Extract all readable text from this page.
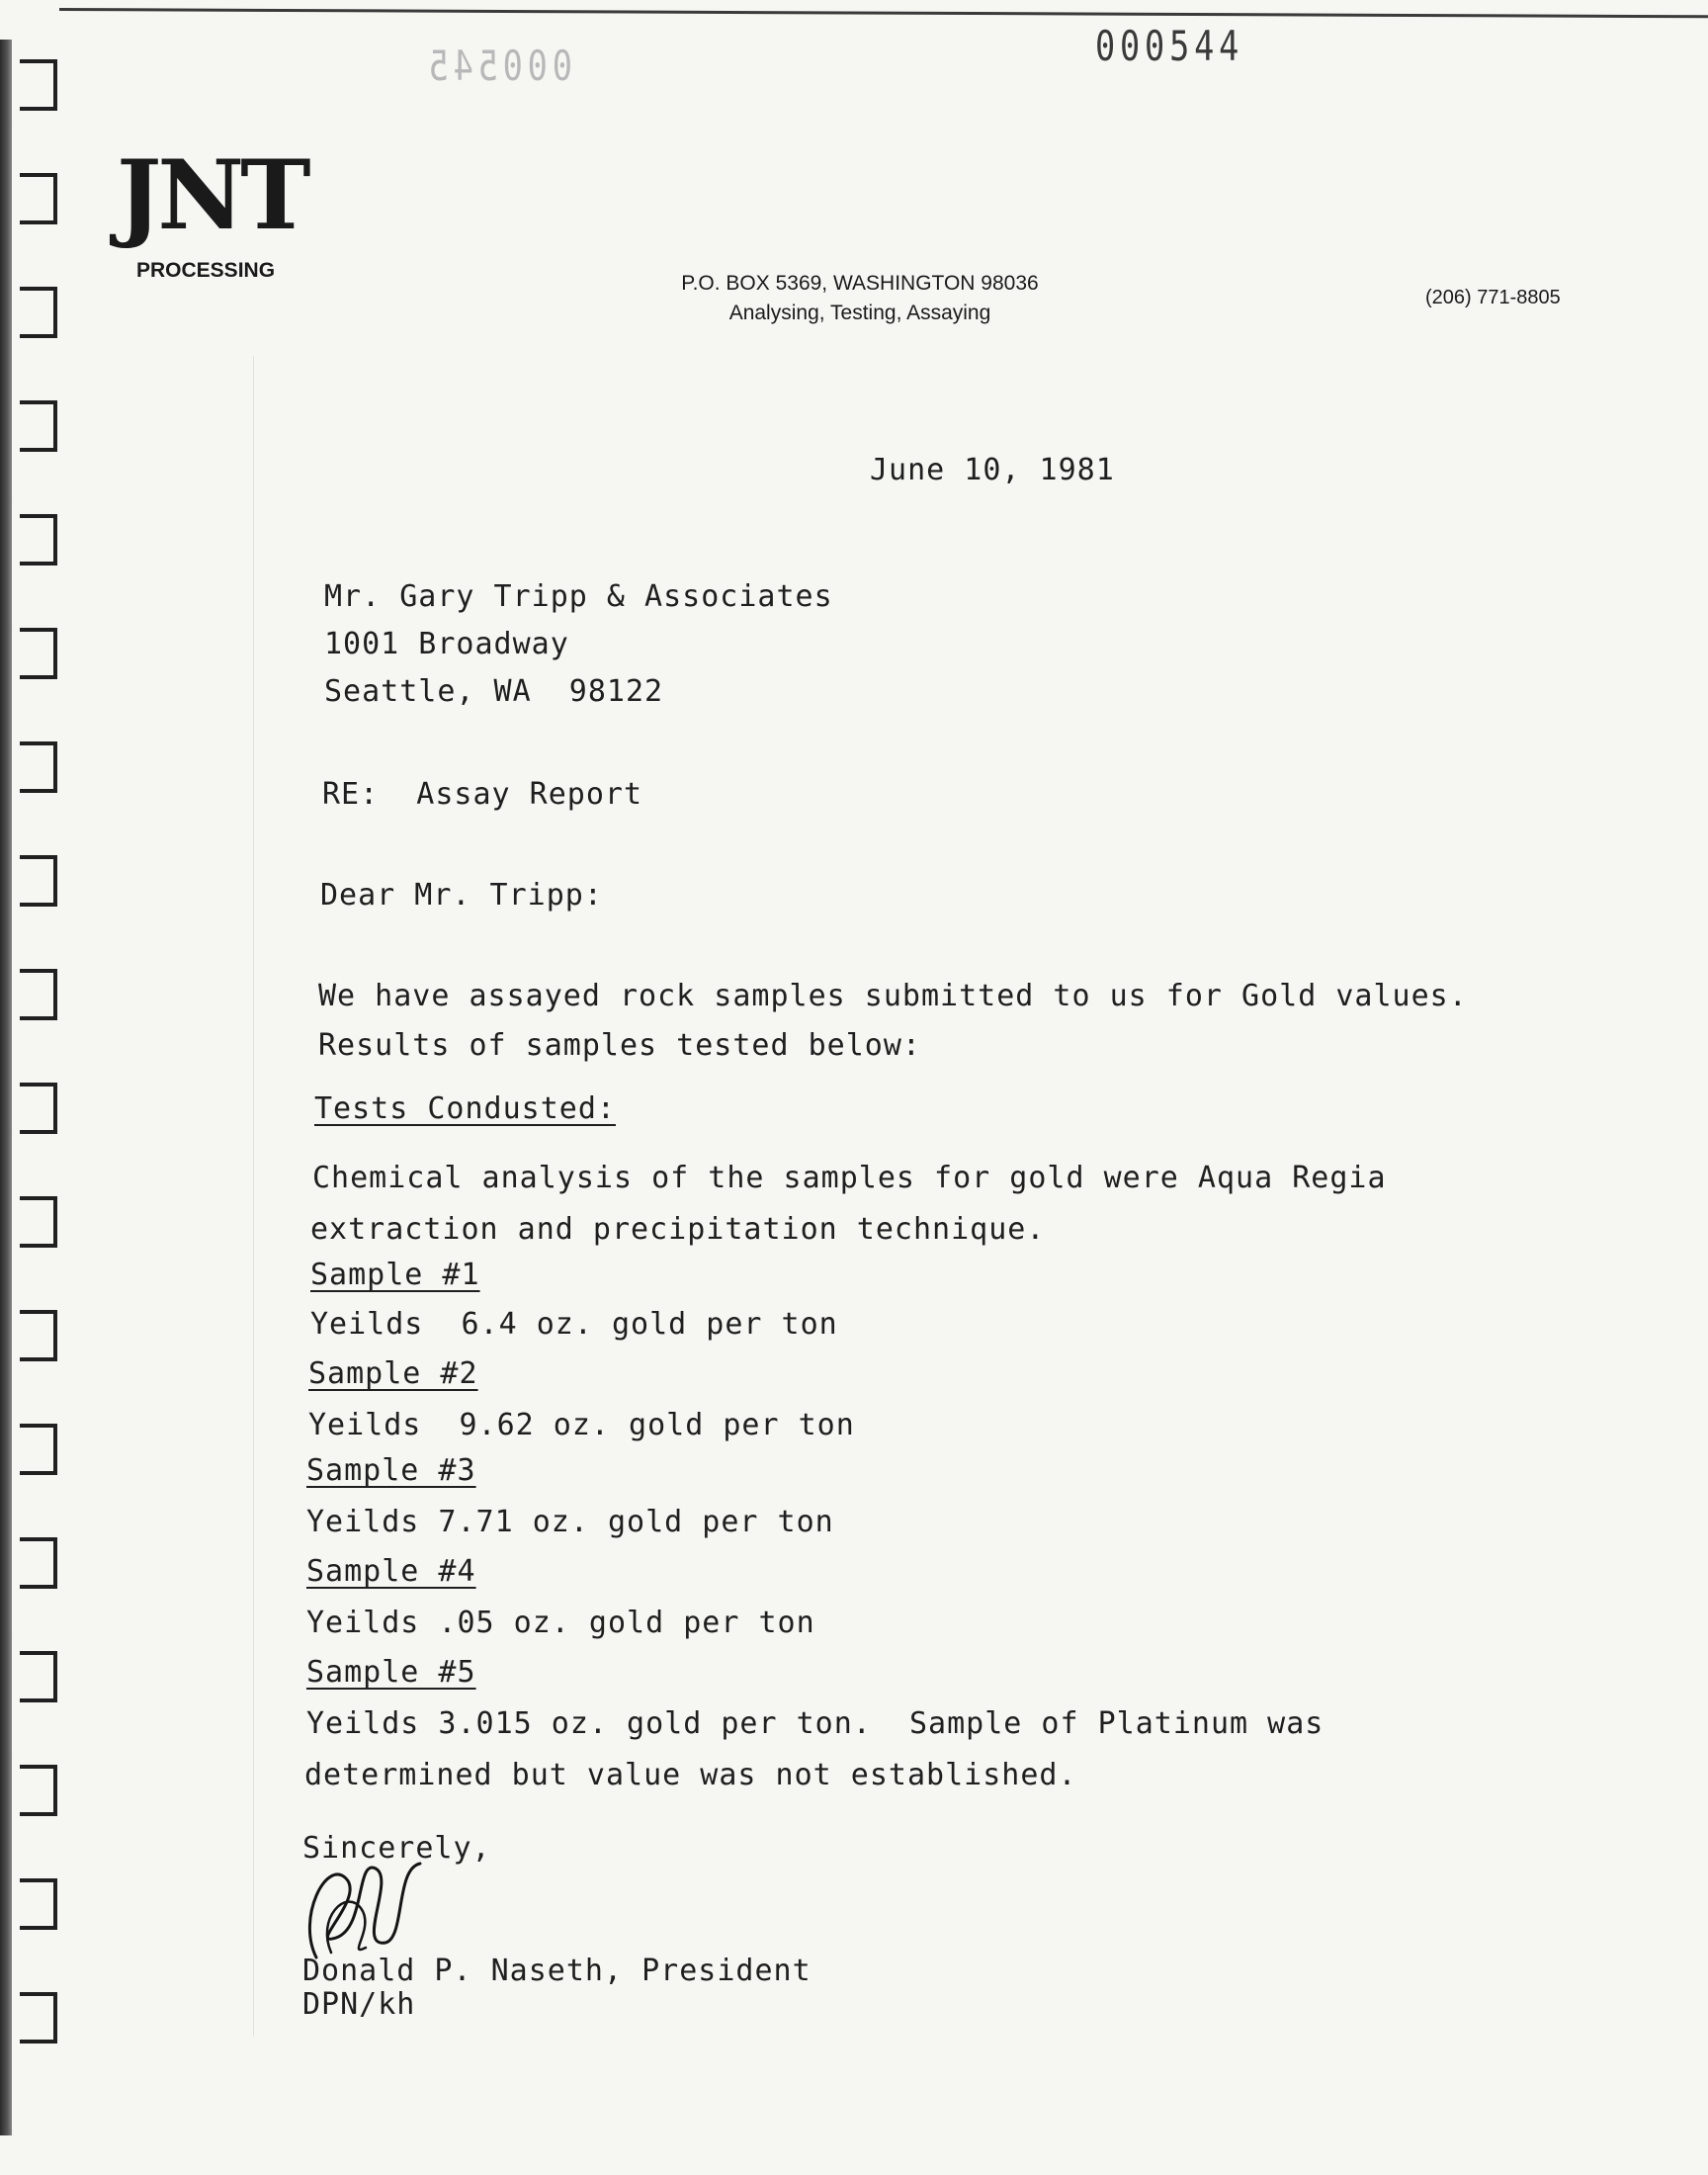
000545	000544
JNT
PROCESSING
P.O. BOX 5369, WASHINGTON 98036
Analysing, Testing, Assaying
(206) 771-8805
June 10, 1981
Mr. Gary Tripp & Associates
1001 Broadway
Seattle, WA  98122
RE:  Assay Report
Dear Mr. Tripp:
We have assayed rock samples submitted to us for Gold values.
Results of samples tested below:
Tests Condusted:
Chemical analysis of the samples for gold were Aqua Regia
extraction and precipitation technique.
Sample #1
Yeilds  6.4 oz. gold per ton
Sample #2
Yeilds  9.62 oz. gold per ton
Sample #3
Yeilds 7.71 oz. gold per ton
Sample #4
Yeilds .05 oz. gold per ton
Sample #5
Yeilds 3.015 oz. gold per ton.  Sample of Platinum was
determined but value was not established.
Sincerely,
Donald P. Naseth, President
DPN/kh
